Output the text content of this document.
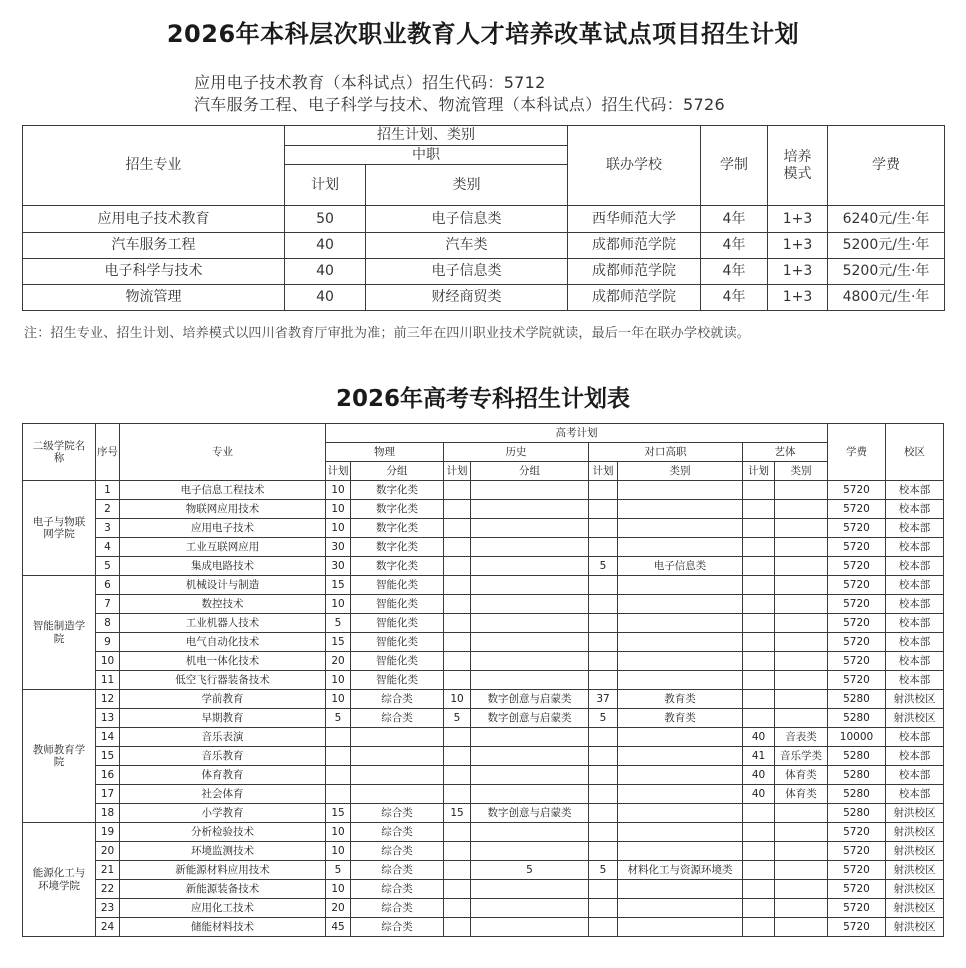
2026年本科层次职业教育人才培养改革试点项目招生计划
应用电子技术教育（本科试点）招生代码：5712
汽车服务工程、电子科学与技术、物流管理（本科试点）招生代码：5726
招生专业	招生计划、类别		联办学校	学制	培养模式	学费
	中职					
	计划	类别				
应用电子技术教育	50	电子信息类	西华师范大学	4年	1+3	6240元/生·年
汽车服务工程	40	汽车类	成都师范学院	4年	1+3	5200元/生·年
电子科学与技术	40	电子信息类	成都师范学院	4年	1+3	5200元/生·年
物流管理	40	财经商贸类	成都师范学院	4年	1+3	4800元/生·年
注：招生专业、招生计划、培养模式以四川省教育厅审批为准；前三年在四川职业技术学院就读，最后一年在联办学校就读。
2026年高考专科招生计划表
二级学院名称	序号	专业	高考计划								学费	校区
			物理		历史		对口高职		艺体			
			计划	分组	计划	分组	计划	类别	计划	类别		
电子与物联网学院	1	电子信息工程技术	10	数字化类							5720	校本部
	2	物联网应用技术	10	数字化类							5720	校本部
	3	应用电子技术	10	数字化类							5720	校本部
	4	工业互联网应用	30	数字化类							5720	校本部
	5	集成电路技术	30	数字化类			5	电子信息类			5720	校本部
智能制造学院	6	机械设计与制造	15	智能化类							5720	校本部
	7	数控技术	10	智能化类							5720	校本部
	8	工业机器人技术	5	智能化类							5720	校本部
	9	电气自动化技术	15	智能化类							5720	校本部
	10	机电一体化技术	20	智能化类							5720	校本部
	11	低空飞行器装备技术	10	智能化类							5720	校本部
教师教育学院	12	学前教育	10	综合类	10	数字创意与启蒙类	37	教育类			5280	射洪校区
	13	早期教育	5	综合类	5	数字创意与启蒙类	5	教育类			5280	射洪校区
	14	音乐表演							40	音表类	10000	校本部
	15	音乐教育							41	音乐学类	5280	校本部
	16	体育教育							40	体育类	5280	校本部
	17	社会体育							40	体育类	5280	校本部
	18	小学教育	15	综合类	15	数字创意与启蒙类					5280	射洪校区
能源化工与环境学院	19	分析检验技术	10	综合类							5720	射洪校区
	20	环境监测技术	10	综合类							5720	射洪校区
	21	新能源材料应用技术	5	综合类		5	5	材料化工与资源环境类			5720	射洪校区
	22	新能源装备技术	10	综合类							5720	射洪校区
	23	应用化工技术	20	综合类							5720	射洪校区
	24	储能材料技术	45	综合类							5720	射洪校区
